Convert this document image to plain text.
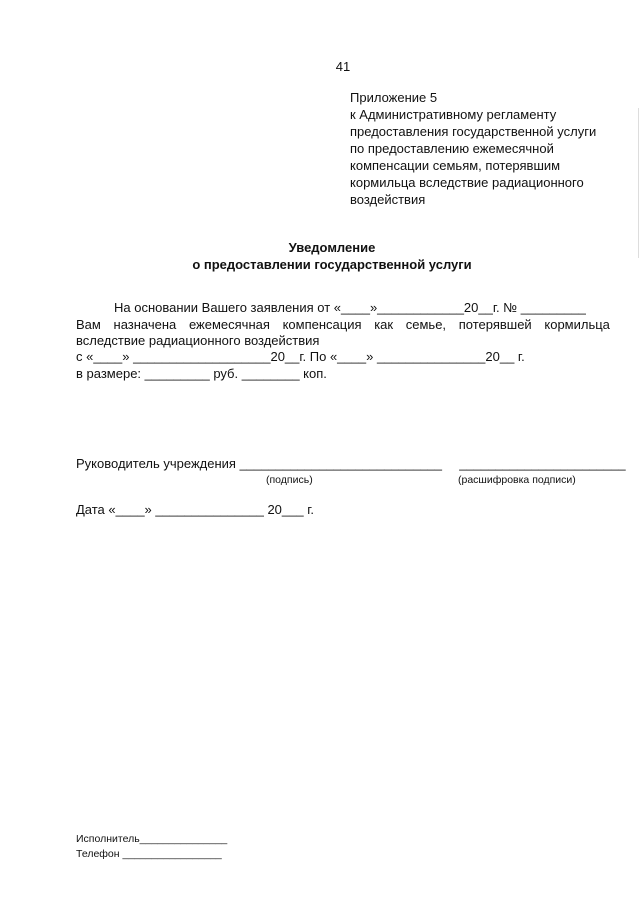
41
Приложение 5
к Административному регламенту
предоставления государственной услуги
по предоставлению ежемесячной
компенсации семьям, потерявшим
кормильца вследствие радиационного
воздействия
Уведомление
о предоставлении государственной услуги
На основании Вашего заявления от «____»____________20__г. № _________
Вам назначена ежемесячная компенсация как семье, потерявшей кормильца
вследствие радиационного воздействия
с «____» ___________________20__г. По «____» _______________20__ г.
в размере: _________ руб. ________ коп.
Руководитель учреждения ____________________________ _______________________
(подпись)	(расшифровка подписи)
Дата «____» _______________ 20___ г.
Исполнитель_______________
Телефон _________________
